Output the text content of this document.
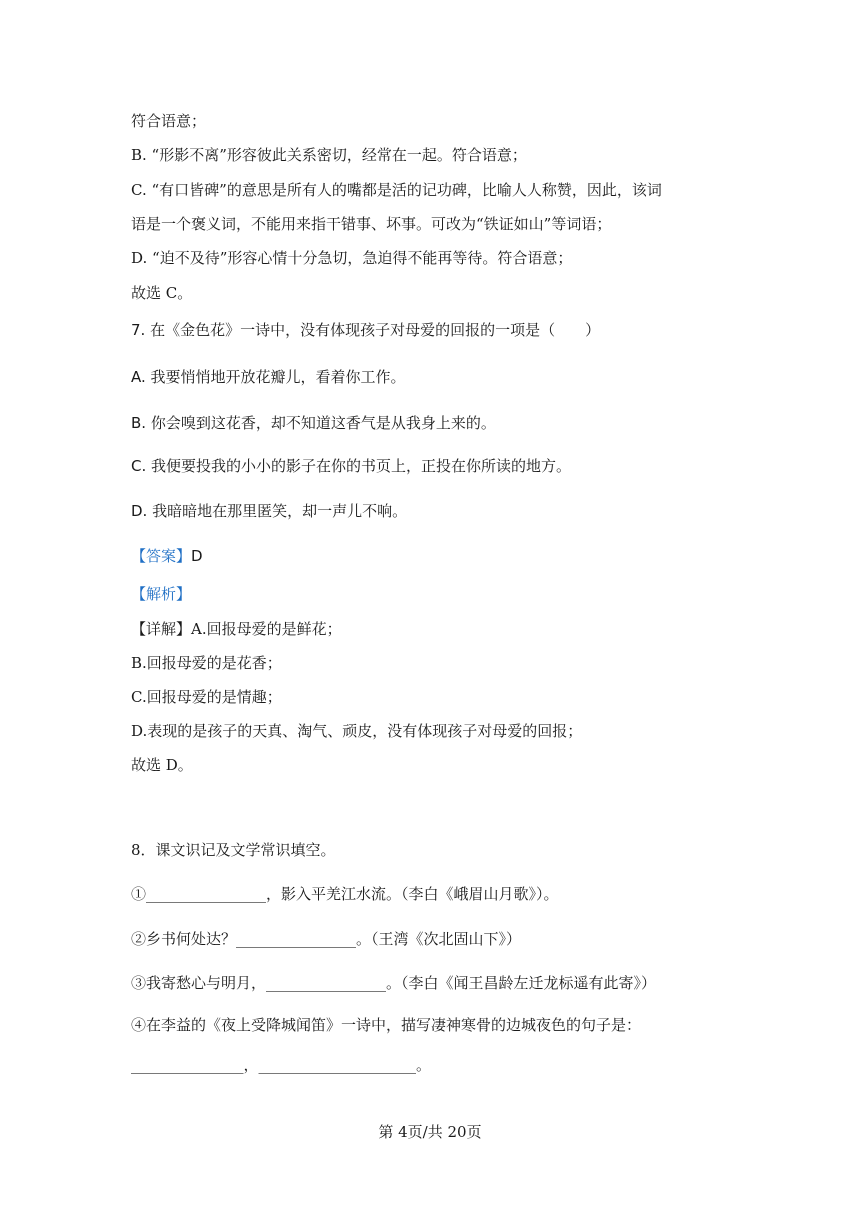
符合语意；
B. “形影不离”形容彼此关系密切，经常在一起。符合语意；
C. “有口皆碑”的意思是所有人的嘴都是活的记功碑，比喻人人称赞，因此，该词
语是一个褒义词，不能用来指干错事、坏事。可改为“铁证如山”等词语；
D. “迫不及待”形容心情十分急切，急迫得不能再等待。符合语意；
故选 C。
7. 在《金色花》一诗中，没有体现孩子对母爱的回报的一项是（　　）
A. 我要悄悄地开放花瓣儿，看着你工作。
B. 你会嗅到这花香，却不知道这香气是从我身上来的。
C. 我便要投我的小小的影子在你的书页上，正投在你所读的地方。
D. 我暗暗地在那里匿笑，却一声儿不响。
【答案】D
【解析】
【详解】A.回报母爱的是鲜花；
B.回报母爱的是花香；
C.回报母爱的是情趣；
D.表现的是孩子的天真、淘气、顽皮，没有体现孩子对母爱的回报；
故选 D。
8．课文识记及文学常识填空。
①________________，影入平羌江水流。（李白《峨眉山月歌》）。
②乡书何处达？________________。（王湾《次北固山下》）
③我寄愁心与明月，________________。（李白《闻王昌龄左迁龙标遥有此寄》）
④在李益的《夜上受降城闻笛》一诗中，描写凄神寒骨的边城夜色的句子是：
_______________，_____________________。
第 4页/共 20页
